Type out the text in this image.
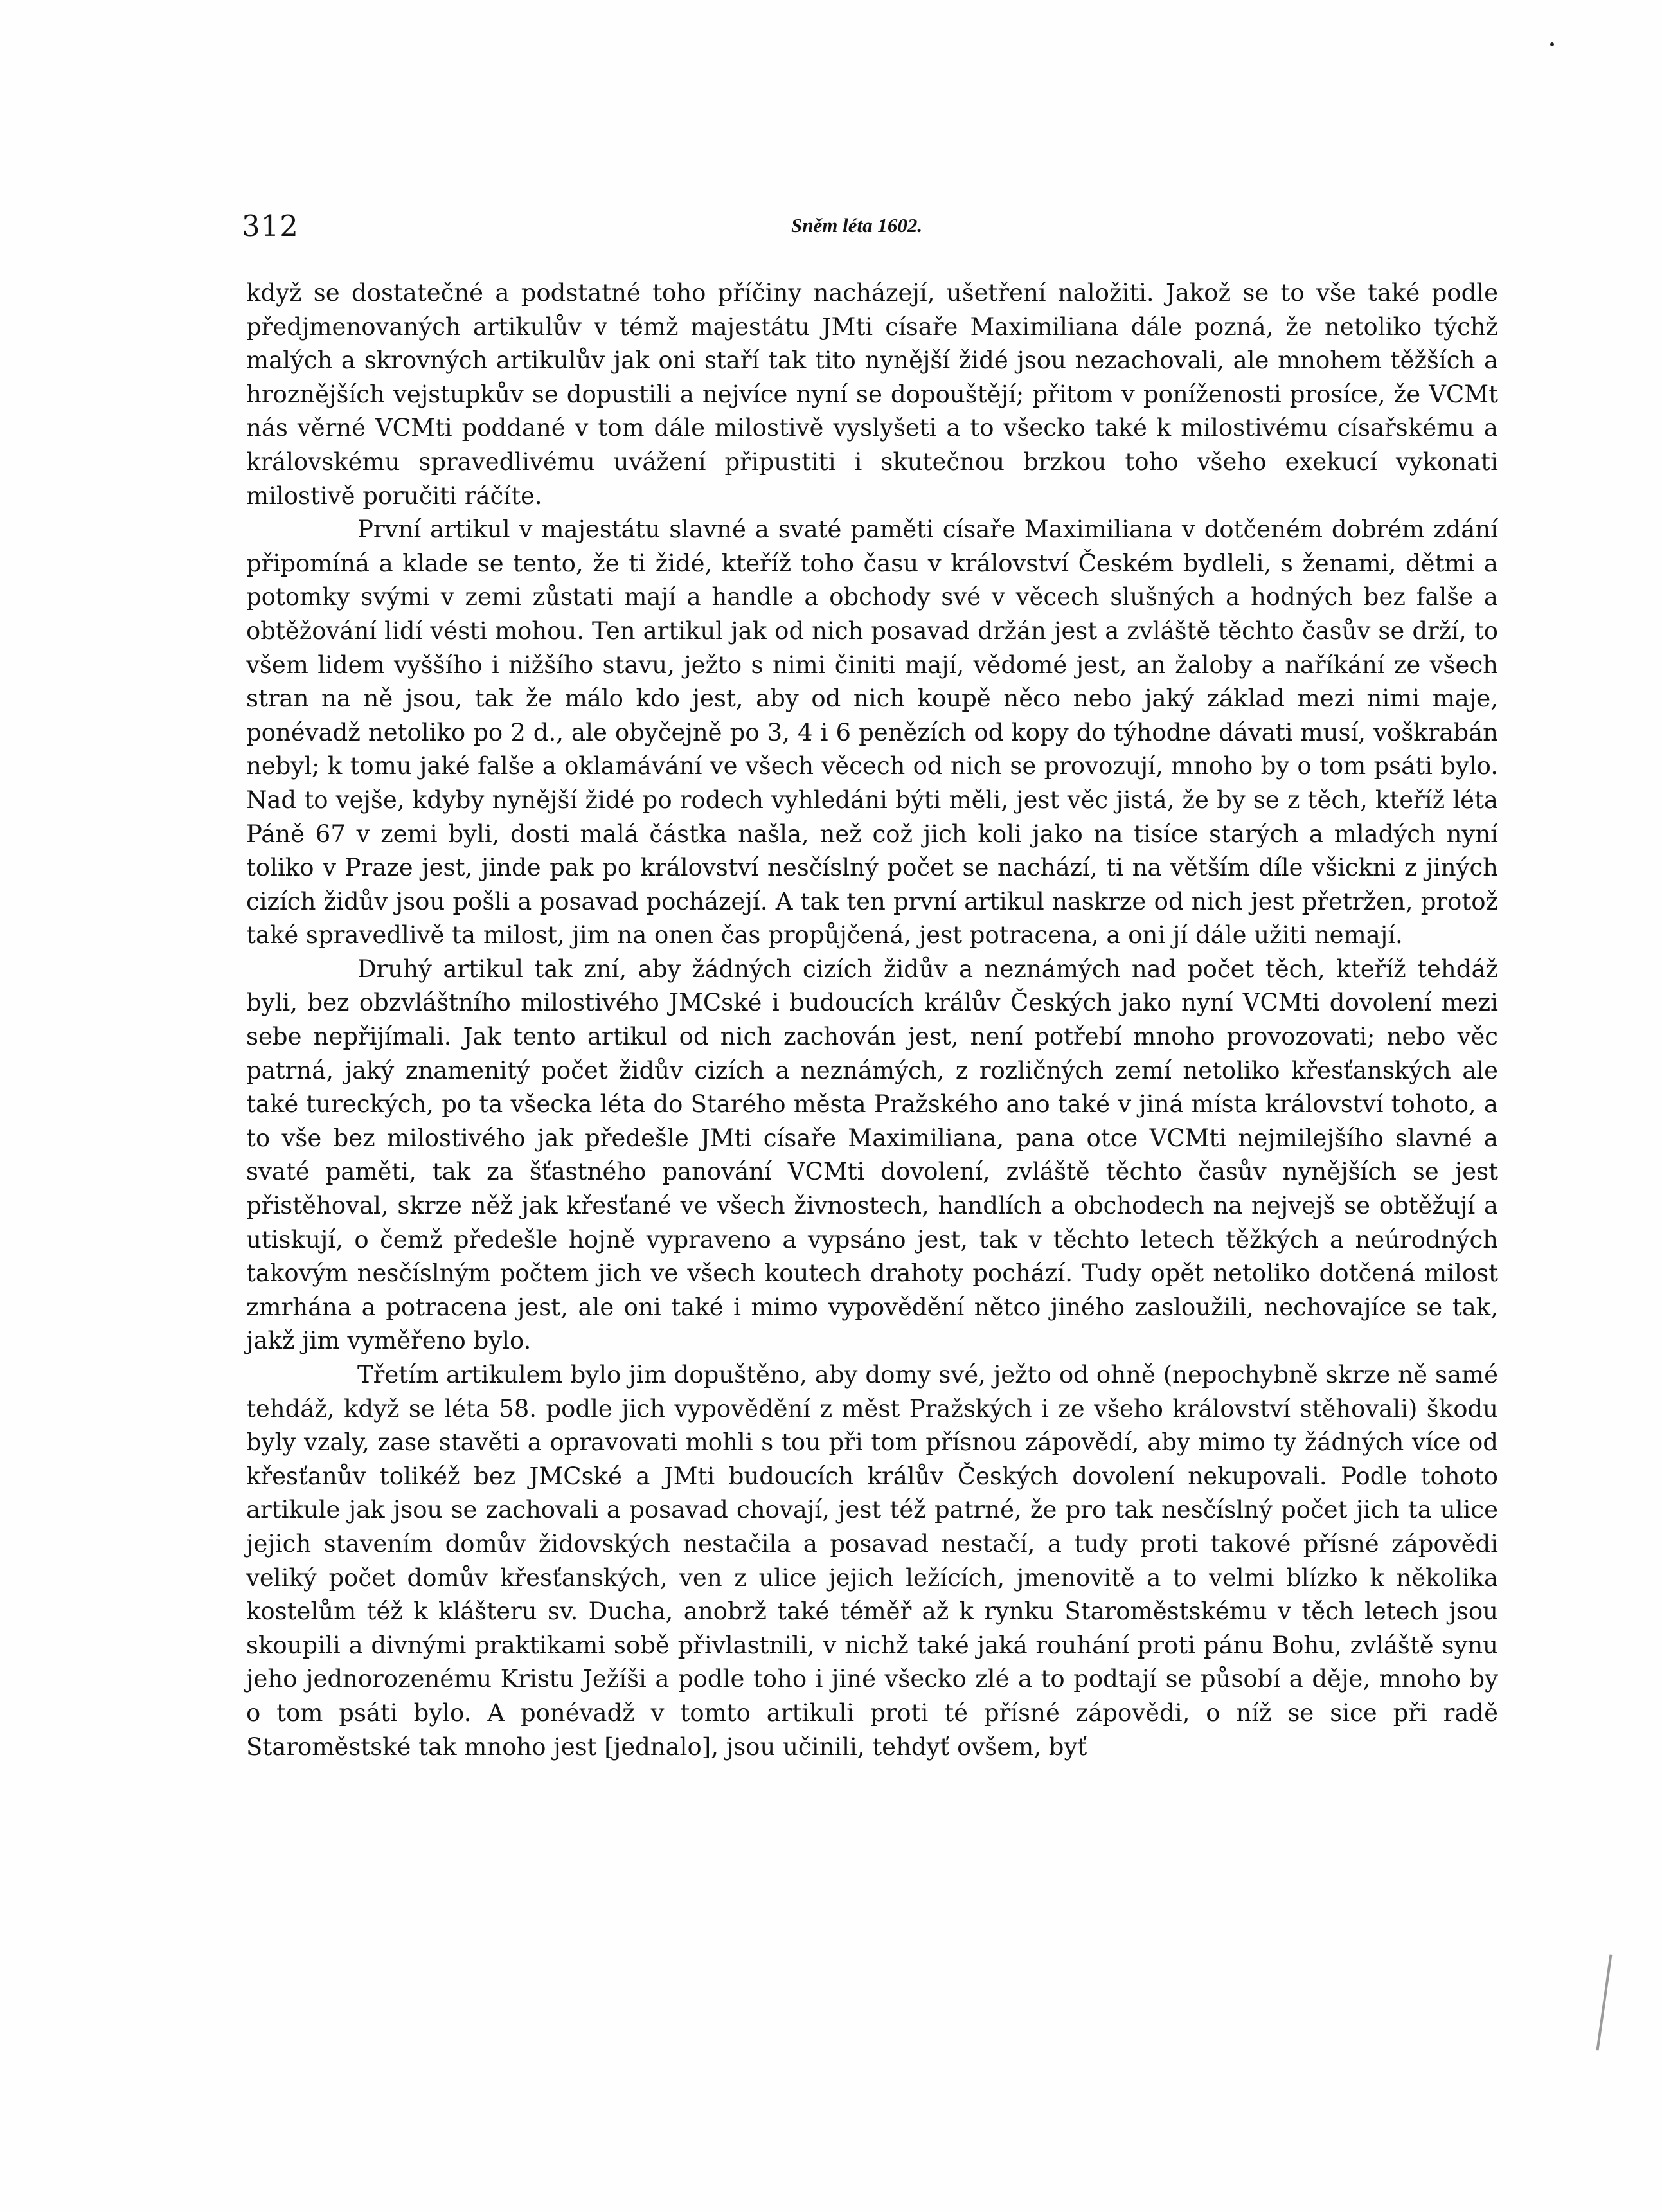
312	Sněm léta 1602.

když se dostatečné a podstatné toho příčiny nacházejí, ušetření naložiti. Jakož se to vše také podle předjmenovaných artikulův v témž majestátu JMti císaře Maximiliana dále pozná, že netoliko týchž malých a skrovných artikulův jak oni staří tak tito nynější židé jsou nezachovali, ale mnohem těžších a hroznějších vejstupkův se dopustili a nejvíce nyní se dopouštějí; přitom v poníženosti prosíce, že VCMt nás věrné VCMti poddané v tom dále milostivě vyslyšeti a to všecko také k milostivému císařskému a královskému spravedlivému uvážení připustiti i skutečnou brzkou toho všeho exekucí vykonati milostivě poručiti ráčíte.

První artikul v majestátu slavné a svaté paměti císaře Maximiliana v dotčeném dobrém zdání připomíná a klade se tento, že ti židé, kteříž toho času v království Českém bydleli, s ženami, dětmi a potomky svými v zemi zůstati mají a handle a obchody své v věcech slušných a hodných bez falše a obtěžování lidí vésti mohou. Ten artikul jak od nich posavad držán jest a zvláště těchto časův se drží, to všem lidem vyššího i nižšího stavu, ježto s nimi činiti mají, vědomé jest, an žaloby a naříkání ze všech stran na ně jsou, tak že málo kdo jest, aby od nich koupě něco nebo jaký základ mezi nimi maje, ponévadž netoliko po 2 d., ale obyčejně po 3, 4 i 6 penězích od kopy do týhodne dávati musí, voškrabán nebyl; k tomu jaké falše a oklamávání ve všech věcech od nich se provozují, mnoho by o tom psáti bylo. Nad to vejše, kdyby nynější židé po rodech vyhledáni býti měli, jest věc jistá, že by se z těch, kteříž léta Páně 67 v zemi byli, dosti malá částka našla, než což jich koli jako na tisíce starých a mladých nyní toliko v Praze jest, jinde pak po království nesčíslný počet se nachází, ti na větším díle všickni z jiných cizích židův jsou pošli a posavad pocházejí. A tak ten první artikul naskrze od nich jest přetržen, protož také spravedlivě ta milost, jim na onen čas propůjčená, jest potracena, a oni jí dále užiti nemají.

Druhý artikul tak zní, aby žádných cizích židův a neznámých nad počet těch, kteříž tehdáž byli, bez obzvláštního milostivého JMCské i budoucích králův Českých jako nyní VCMti dovolení mezi sebe nepřijímali. Jak tento artikul od nich zachován jest, není potřebí mnoho provozovati; nebo věc patrná, jaký znamenitý počet židův cizích a neznámých, z rozličných zemí netoliko křesťanských ale také tureckých, po ta všecka léta do Starého města Pražského ano také v jiná místa království tohoto, a to vše bez milostivého jak předešle JMti císaře Maximiliana, pana otce VCMti nejmilejšího slavné a svaté paměti, tak za šťastného panování VCMti dovolení, zvláště těchto časův nynějších se jest přistěhoval, skrze něž jak křesťané ve všech živnostech, handlích a obchodech na nejvejš se obtěžují a utiskují, o čemž předešle hojně vypraveno a vypsáno jest, tak v těchto letech těžkých a neúrodných takovým nesčíslným počtem jich ve všech koutech drahoty pochází. Tudy opět netoliko dotčená milost zmrhána a potracena jest, ale oni také i mimo vypovědění nětco jiného zasloužili, nechovajíce se tak, jakž jim vyměřeno bylo.

Třetím artikulem bylo jim dopuštěno, aby domy své, ježto od ohně (nepochybně skrze ně samé tehdáž, když se léta 58. podle jich vypovědění z měst Pražských i ze všeho království stěhovali) škodu byly vzaly, zase stavěti a opravovati mohli s tou při tom přísnou zápovědí, aby mimo ty žádných více od křesťanův tolikéž bez JMCské a JMti budoucích králův Českých dovolení nekupovali. Podle tohoto artikule jak jsou se zachovali a posavad chovají, jest též patrné, že pro tak nesčíslný počet jich ta ulice jejich stavením domův židovských nestačila a posavad nestačí, a tudy proti takové přísné zápovědi veliký počet domův křesťanských, ven z ulice jejich ležících, jmenovitě a to velmi blízko k několika kostelům též k klášteru sv. Ducha, anobrž také téměř až k rynku Staroměstskému v těch letech jsou skoupili a divnými praktikami sobě přivlastnili, v nichž také jaká rouhání proti pánu Bohu, zvláště synu jeho jednorozenému Kristu Ježíši a podle toho i jiné všecko zlé a to podtají se působí a děje, mnoho by o tom psáti bylo. A ponévadž v tomto artikuli proti té přísné zápovědi, o níž se sice při radě Staroměstské tak mnoho jest [jednalo], jsou učinili, tehdyť ovšem, byť
